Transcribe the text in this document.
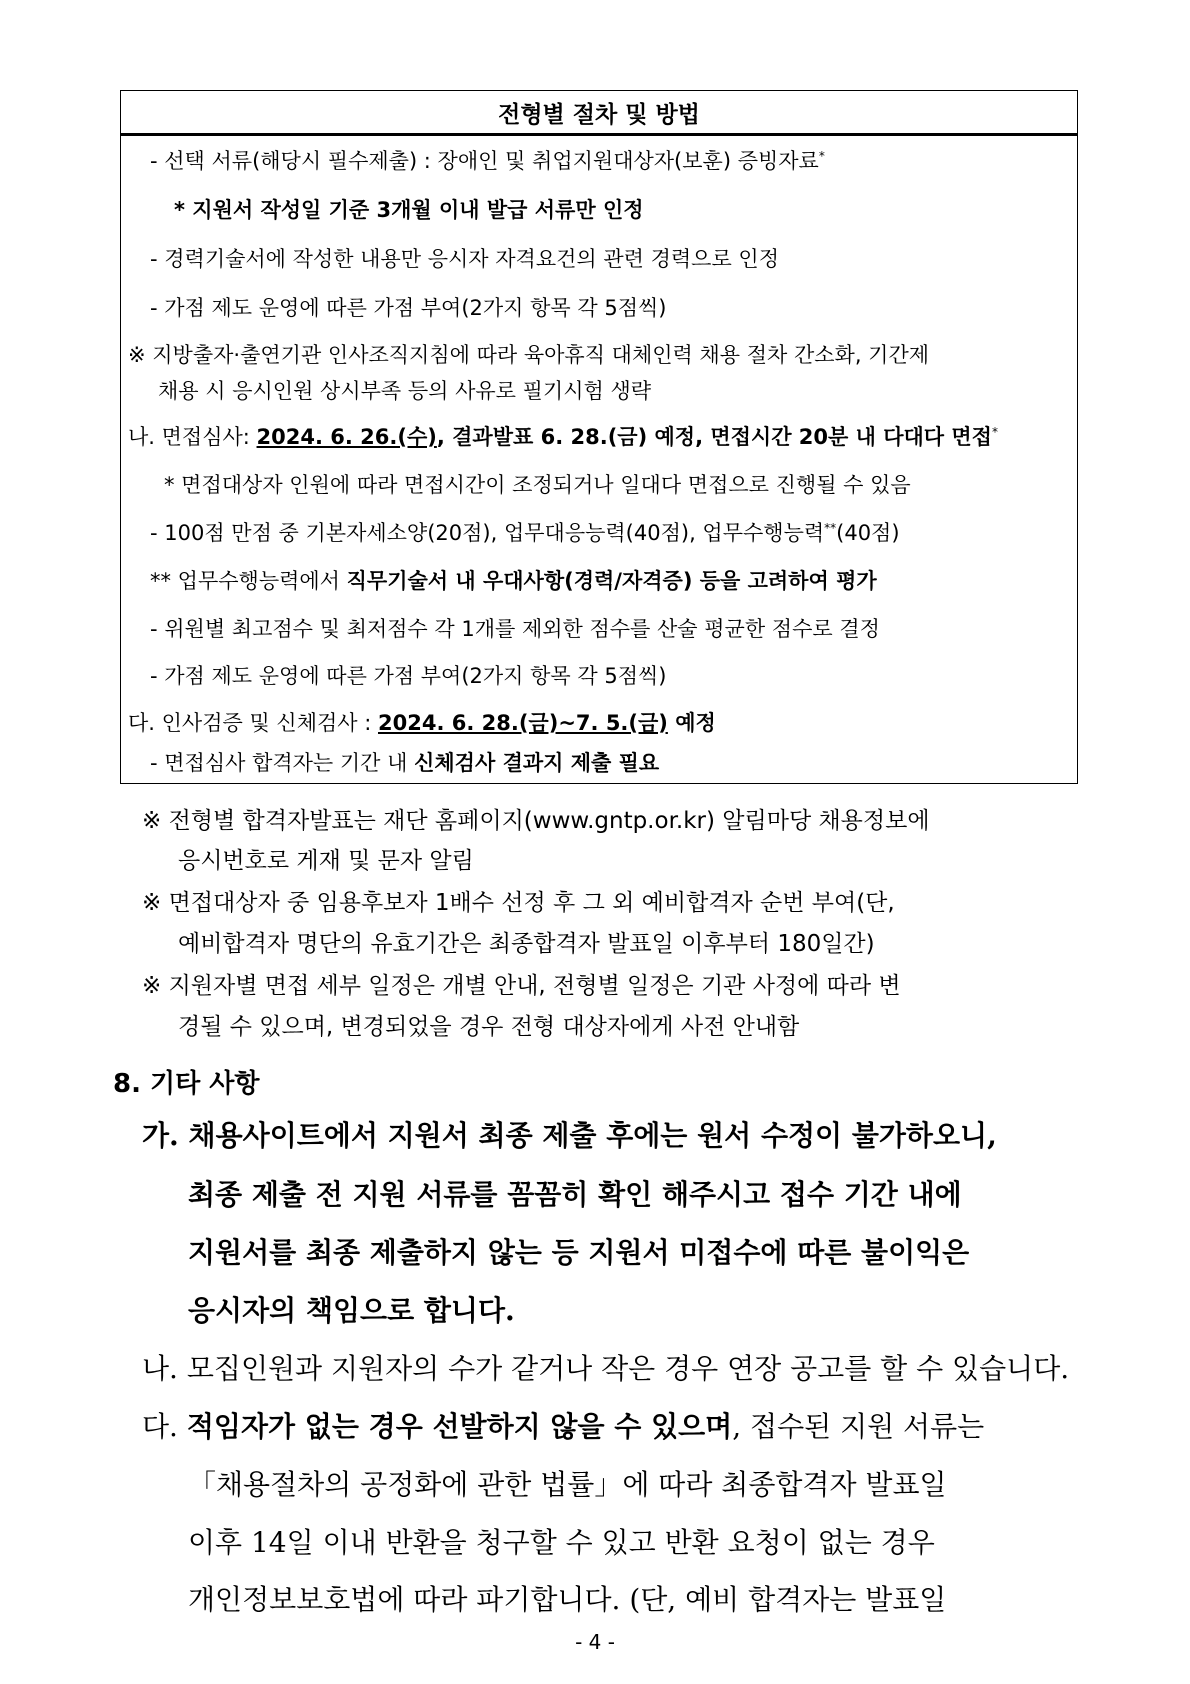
전형별 절차 및 방법
- 선택 서류(해당시 필수제출) : 장애인 및 취업지원대상자(보훈) 증빙자료*
* 지원서 작성일 기준 3개월 이내 발급 서류만 인정
- 경력기술서에 작성한 내용만 응시자 자격요건의 관련 경력으로 인정
- 가점 제도 운영에 따른 가점 부여(2가지 항목 각 5점씩)
※ 지방출자·출연기관 인사조직지침에 따라 육아휴직 대체인력 채용 절차 간소화, 기간제
채용 시 응시인원 상시부족 등의 사유로 필기시험 생략
나. 면접심사: 2024. 6. 26.(수), 결과발표 6. 28.(금) 예정, 면접시간 20분 내 다대다 면접*
* 면접대상자 인원에 따라 면접시간이 조정되거나 일대다 면접으로 진행될 수 있음
- 100점 만점 중 기본자세소양(20점), 업무대응능력(40점), 업무수행능력**(40점)
** 업무수행능력에서 직무기술서 내 우대사항(경력/자격증) 등을 고려하여 평가
- 위원별 최고점수 및 최저점수 각 1개를 제외한 점수를 산술 평균한 점수로 결정
- 가점 제도 운영에 따른 가점 부여(2가지 항목 각 5점씩)
다. 인사검증 및 신체검사 : 2024. 6. 28.(금)~7. 5.(금) 예정
- 면접심사 합격자는 기간 내 신체검사 결과지 제출 필요
※ 전형별 합격자발표는 재단 홈페이지(www.gntp.or.kr) 알림마당 채용정보에
응시번호로 게재 및 문자 알림
※ 면접대상자 중 임용후보자 1배수 선정 후 그 외 예비합격자 순번 부여(단,
예비합격자 명단의 유효기간은 최종합격자 발표일 이후부터 180일간)
※ 지원자별 면접 세부 일정은 개별 안내, 전형별 일정은 기관 사정에 따라 변
경될 수 있으며, 변경되었을 경우 전형 대상자에게 사전 안내함
8. 기타 사항
가. 채용사이트에서 지원서 최종 제출 후에는 원서 수정이 불가하오니,
최종 제출 전 지원 서류를 꼼꼼히 확인 해주시고 접수 기간 내에
지원서를 최종 제출하지 않는 등 지원서 미접수에 따른 불이익은
응시자의 책임으로 합니다.
나. 모집인원과 지원자의 수가 같거나 작은 경우 연장 공고를 할 수 있습니다.
다. 적임자가 없는 경우 선발하지 않을 수 있으며, 접수된 지원 서류는
「채용절차의 공정화에 관한 법률」에 따라 최종합격자 발표일
이후 14일 이내 반환을 청구할 수 있고 반환 요청이 없는 경우
개인정보보호법에 따라 파기합니다. (단, 예비 합격자는 발표일
- 4 -
